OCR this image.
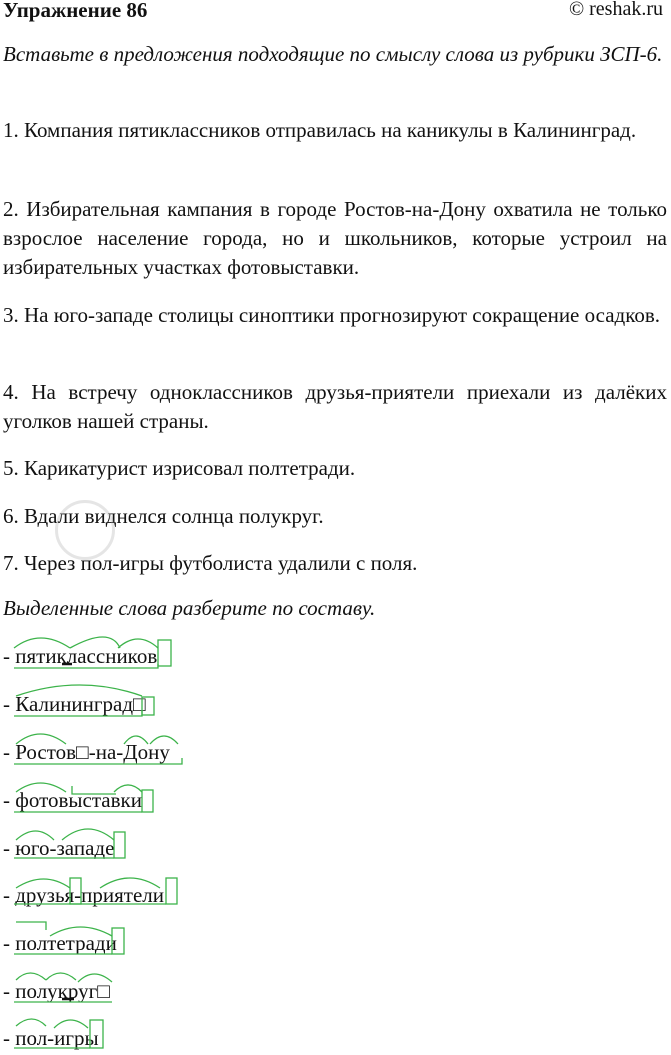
Упражнение 86	© reshak.ru
Вставьте в предложения подходящие по смыслу слова из рубрики ЗСП-6.
1. Компания пятиклассников отправилась на каникулы в Калининград.
2. Избирательная кампания в городе Ростов-на-Дону охватила не только взрослое население города, но и школьников, которые устроил на избирательных участках фотовыставки.
3. На юго-западе столицы синоптики прогнозируют сокращение осадков.
4. На встречу одноклассников друзья-приятели приехали из далёких уголков нашей страны.
5. Карикатурист изрисовал полтетради.
6. Вдали виднелся солнца полукруг.
7. Через пол-игры футболиста удалили с поля.
Выделенные слова разберите по составу.
- пятиклассников
- Калининград□
- Ростов□-на-Дону
- фотовыставки
- юго-западе
- друзья-приятели
- полтетради
- полукруг□
- пол-игры
